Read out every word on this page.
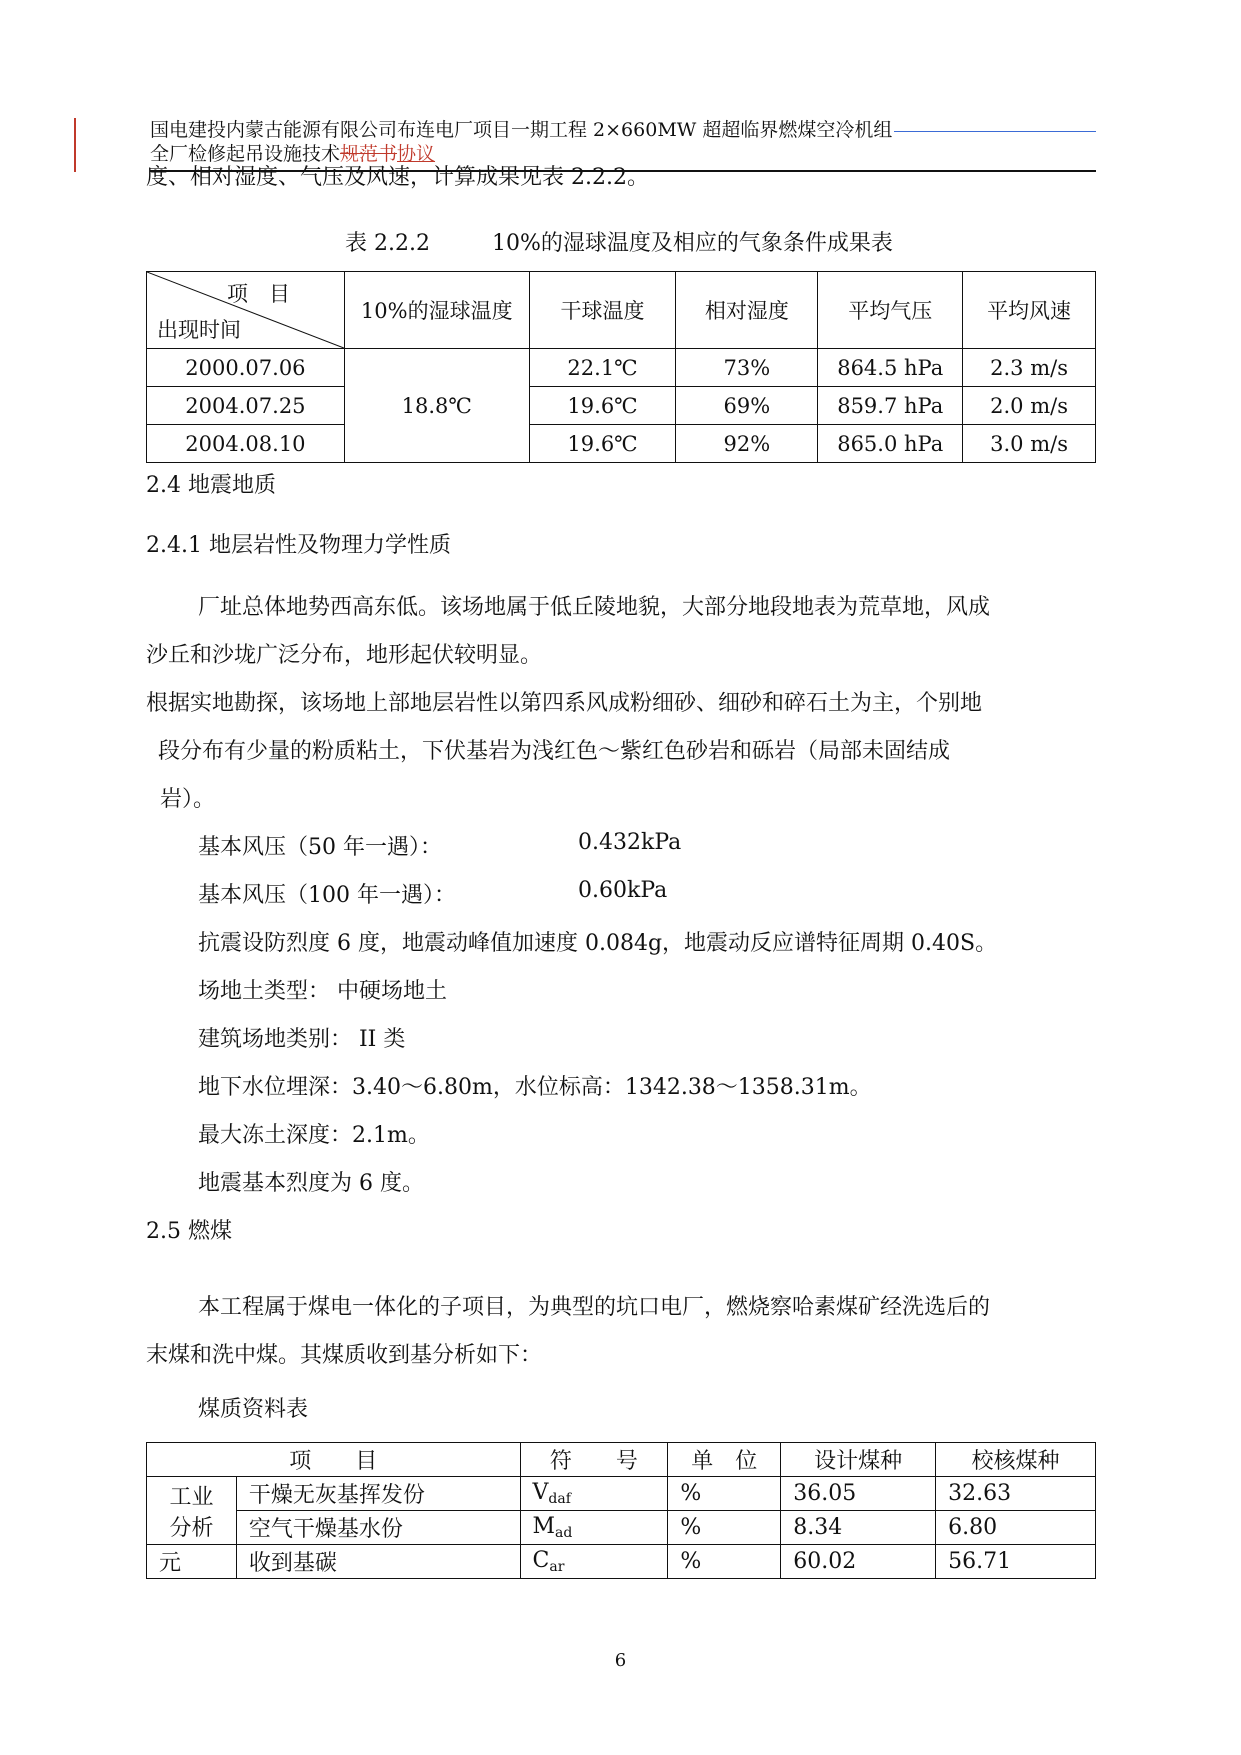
国电建投内蒙古能源有限公司布连电厂项目一期工程 2×660MW 超超临界燃煤空冷机组
全厂检修起吊设施技术规范书协议
度、相对湿度、气压及风速，计算成果见表 2.2.2。
表 2.2.2	10%的湿球温度及相应的气象条件成果表
项　目
出现时间	10%的湿球温度	干球温度	相对湿度	平均气压	平均风速
2000.07.06	18.8℃	22.1℃	73%	864.5 hPa	2.3 m/s
2004.07.25		19.6℃	69%	859.7 hPa	2.0 m/s
2004.08.10		19.6℃	92%	865.0 hPa	3.0 m/s
2.4 地震地质
2.4.1 地层岩性及物理力学性质
厂址总体地势西高东低。该场地属于低丘陵地貌，大部分地段地表为荒草地，风成
沙丘和沙垅广泛分布，地形起伏较明显。
根据实地勘探，该场地上部地层岩性以第四系风成粉细砂、细砂和碎石土为主，个别地
段分布有少量的粉质粘土，下伏基岩为浅红色～紫红色砂岩和砾岩（局部未固结成
岩）。
基本风压（50 年一遇）：	0.432kPa
基本风压（100 年一遇）：	0.60kPa
抗震设防烈度 6 度，地震动峰值加速度 0.084g，地震动反应谱特征周期 0.40S。
场地土类型： 中硬场地土
建筑场地类别： II 类
地下水位埋深：3.40～6.80m，水位标高：1342.38～1358.31m。
最大冻土深度：2.1m。
地震基本烈度为 6 度。
2.5 燃煤
本工程属于煤电一体化的子项目，为典型的坑口电厂，燃烧察哈素煤矿经洗选后的
末煤和洗中煤。其煤质收到基分析如下：
煤质资料表
项　　目		符　　号	单　位	设计煤种	校核煤种

工业
分析	干燥无灰基挥发份	$V_{daf}$	%	36.05	32.63
	空气干燥基水份	$M_{ad}$	%	8.34	6.80
元	收到基碳	$C_{ar}$	%	60.02	56.71
6
